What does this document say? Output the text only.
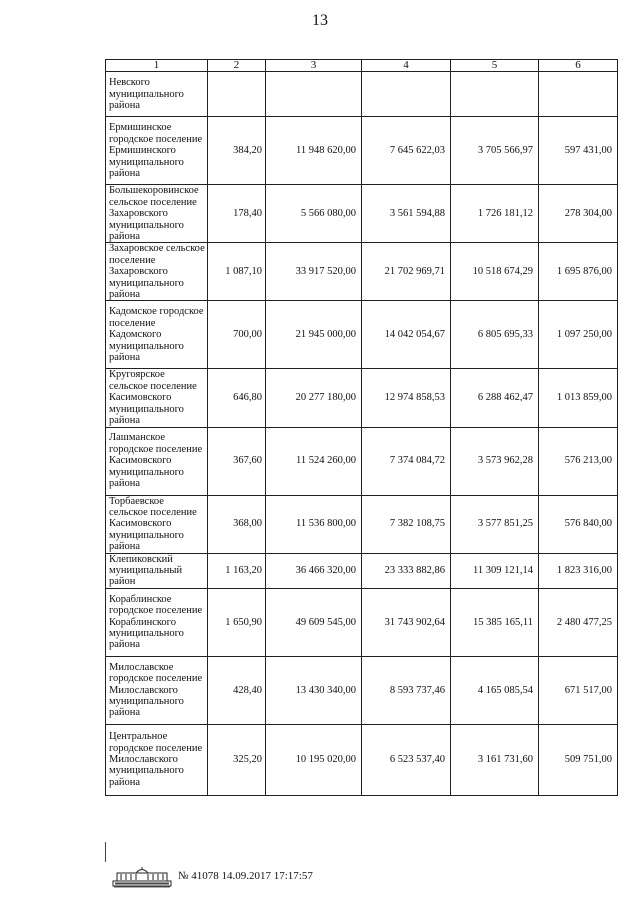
13
1	2	3	4	5	6
Невского муниципального района					
Ермишинское городское поселение Ермишинского муниципального района	384,20	11 948 620,00	7 645 622,03	3 705 566,97	597 431,00
Большекоровинское сельское поселение Захаровского муниципального района	178,40	5 566 080,00	3 561 594,88	1 726 181,12	278 304,00
Захаровское сельское поселение Захаровского муниципального района	1 087,10	33 917 520,00	21 702 969,71	10 518 674,29	1 695 876,00
Кадомское городское поселение Кадомского муниципального района	700,00	21 945 000,00	14 042 054,67	6 805 695,33	1 097 250,00
Кругоярское сельское поселение Касимовского муниципального района	646,80	20 277 180,00	12 974 858,53	6 288 462,47	1 013 859,00
Лашманское городское поселение Касимовского муниципального района	367,60	11 524 260,00	7 374 084,72	3 573 962,28	576 213,00
Торбаевское сельское поселение Касимовского муниципального района	368,00	11 536 800,00	7 382 108,75	3 577 851,25	576 840,00
Клепиковский муниципальный район	1 163,20	36 466 320,00	23 333 882,86	11 309 121,14	1 823 316,00
Кораблинское городское поселение Кораблинского муниципального района	1 650,90	49 609 545,00	31 743 902,64	15 385 165,11	2 480 477,25
Милославское городское поселение Милославского муниципального района	428,40	13 430 340,00	8 593 737,46	4 165 085,54	671 517,00
Центральное городское поселение Милославского муниципального района	325,20	10 195 020,00	6 523 537,40	3 161 731,60	509 751,00
№ 41078 14.09.2017 17:17:57
